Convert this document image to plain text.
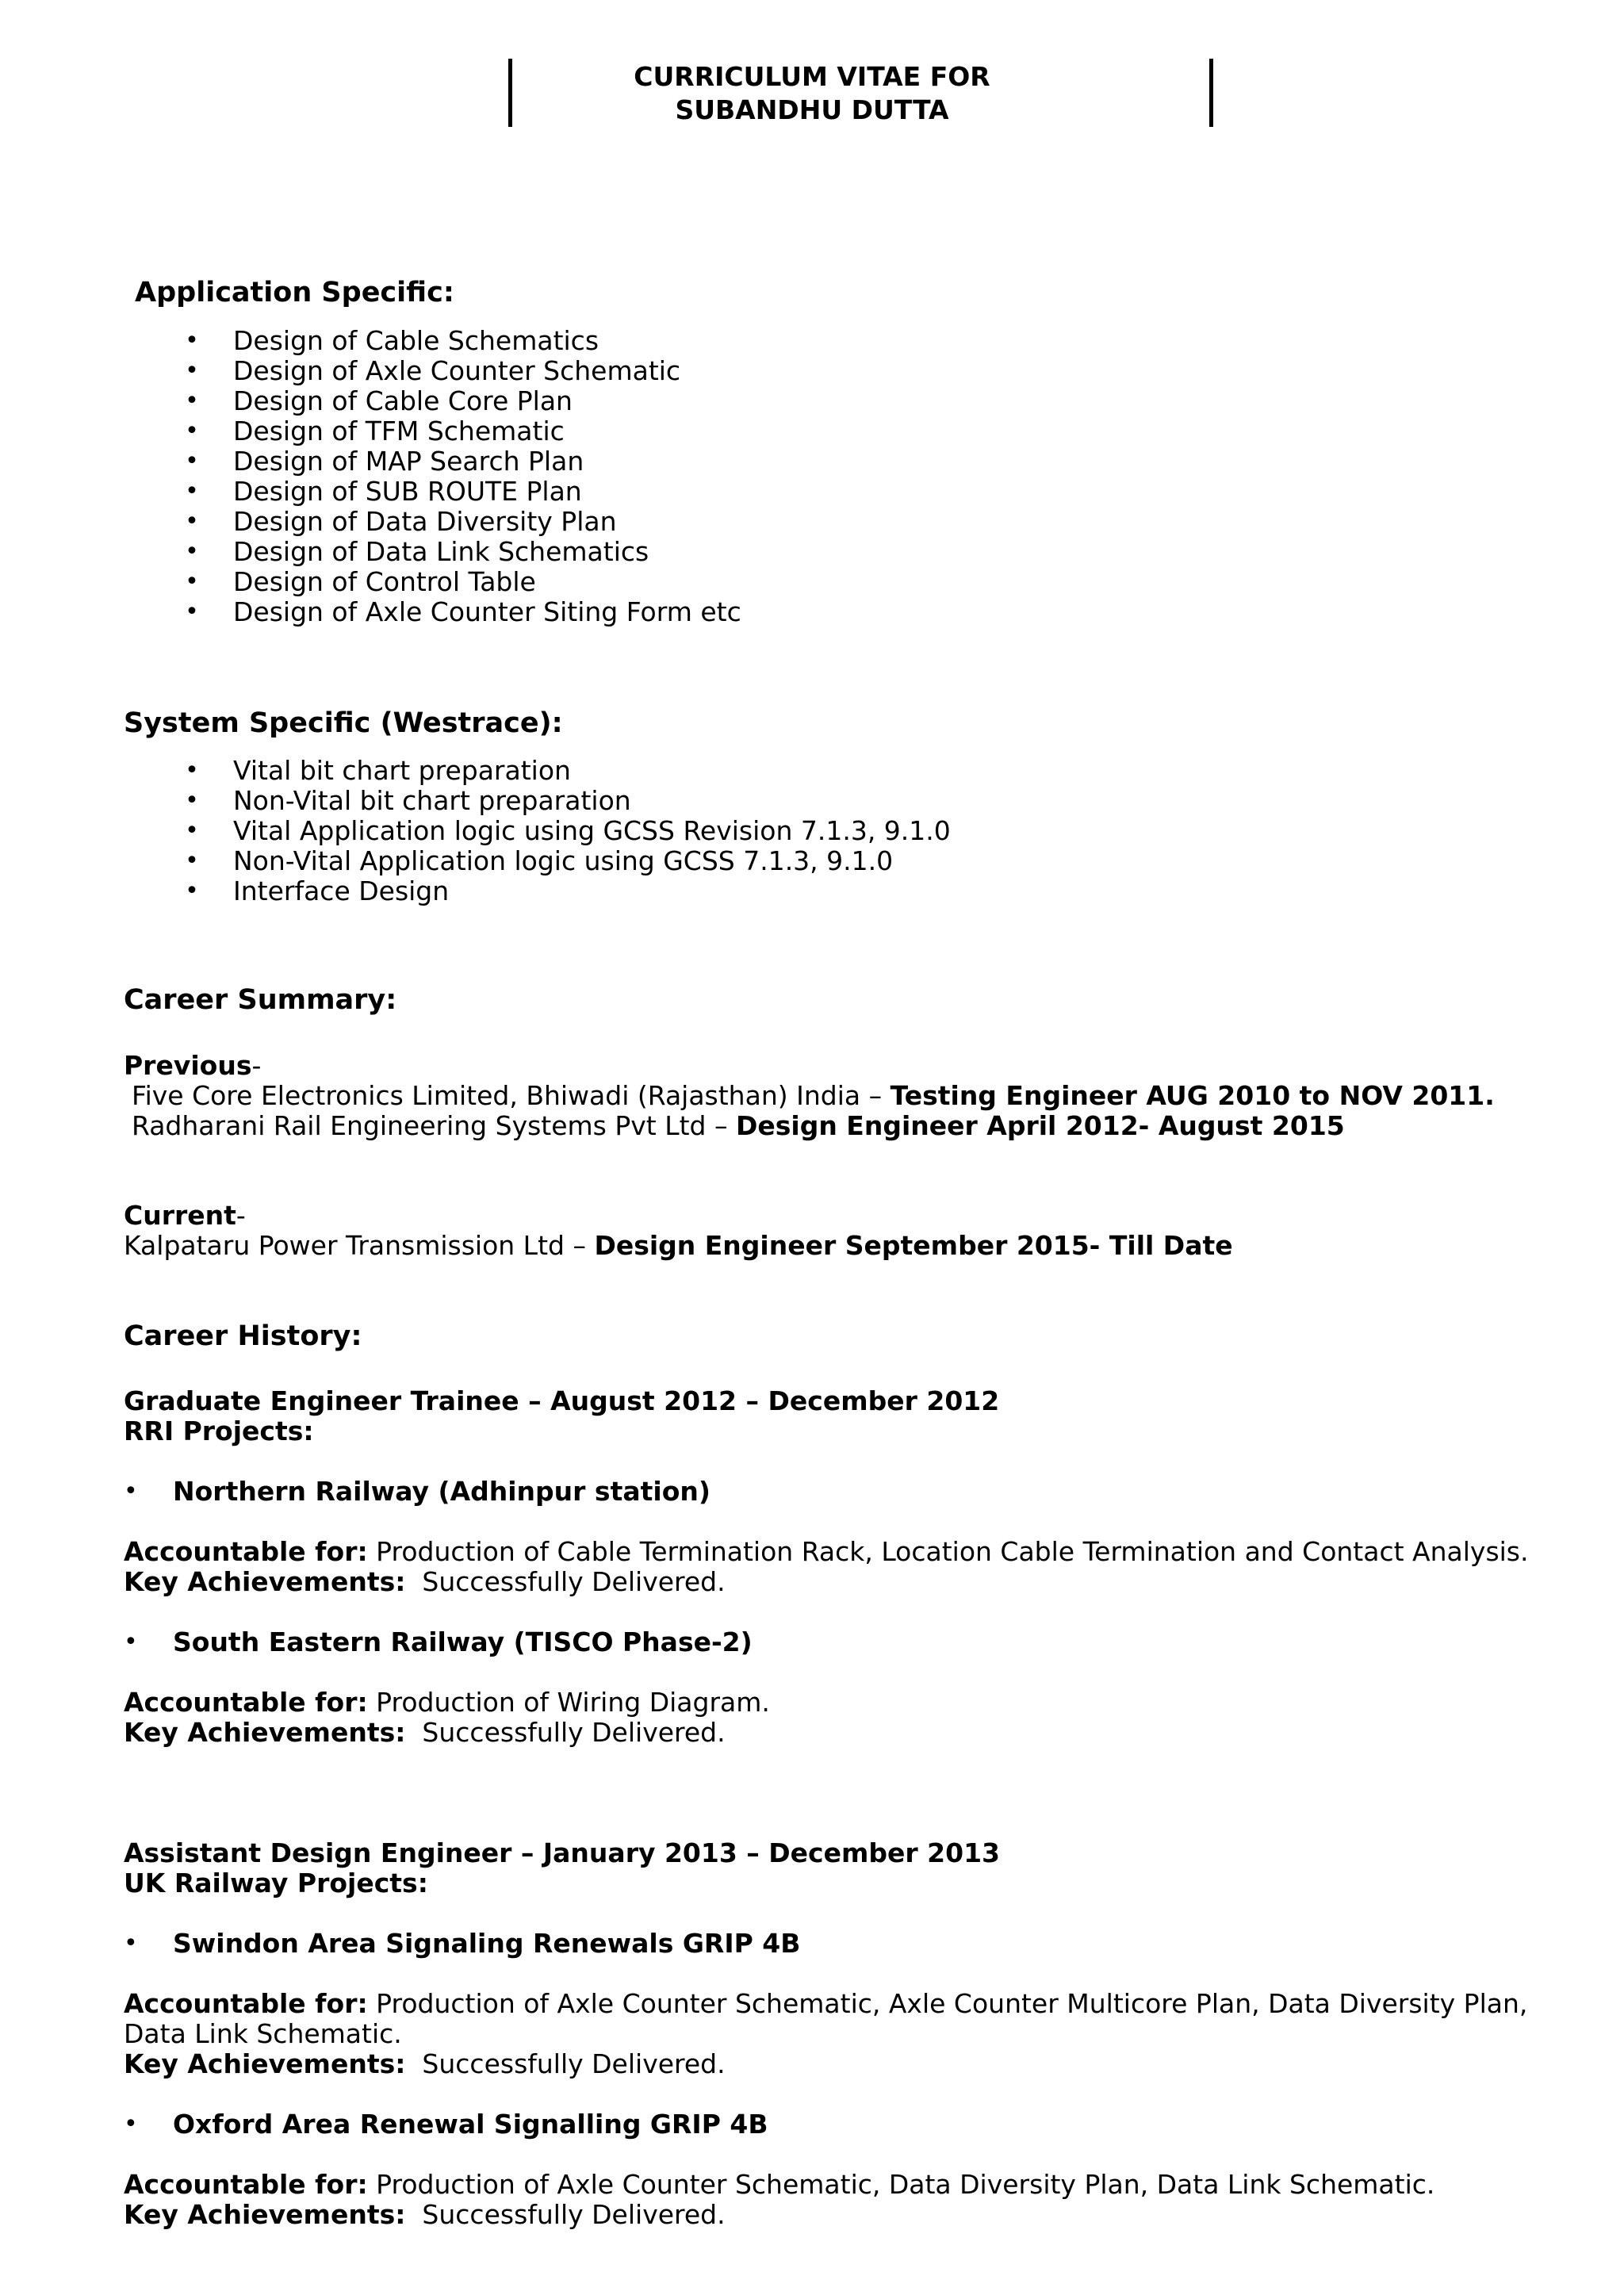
CURRICULUM VITAE FOR
SUBANDHU DUTTA
Application Specific:
• Design of Cable Schematics
• Design of Axle Counter Schematic
• Design of Cable Core Plan
• Design of TFM Schematic
• Design of MAP Search Plan
• Design of SUB ROUTE Plan
• Design of Data Diversity Plan
• Design of Data Link Schematics
• Design of Control Table
• Design of Axle Counter Siting Form etc
System Specific (Westrace):
• Vital bit chart preparation
• Non-Vital bit chart preparation
• Vital Application logic using GCSS Revision 7.1.3, 9.1.0
• Non-Vital Application logic using GCSS 7.1.3, 9.1.0
• Interface Design
Career Summary:
Previous-
Five Core Electronics Limited, Bhiwadi (Rajasthan) India – Testing Engineer AUG 2010 to NOV 2011.
Radharani Rail Engineering Systems Pvt Ltd – Design Engineer April 2012- August 2015
Current-
Kalpataru Power Transmission Ltd – Design Engineer September 2015- Till Date
Career History:
Graduate Engineer Trainee – August 2012 – December 2012
RRI Projects:
• Northern Railway (Adhinpur station)
Accountable for: Production of Cable Termination Rack, Location Cable Termination and Contact Analysis.
Key Achievements: Successfully Delivered.
• South Eastern Railway (TISCO Phase-2)
Accountable for: Production of Wiring Diagram.
Key Achievements: Successfully Delivered.
Assistant Design Engineer – January 2013 – December 2013
UK Railway Projects:
• Swindon Area Signaling Renewals GRIP 4B
Accountable for: Production of Axle Counter Schematic, Axle Counter Multicore Plan, Data Diversity Plan, Data Link Schematic.
Key Achievements: Successfully Delivered.
• Oxford Area Renewal Signalling GRIP 4B
Accountable for: Production of Axle Counter Schematic, Data Diversity Plan, Data Link Schematic.
Key Achievements: Successfully Delivered.
